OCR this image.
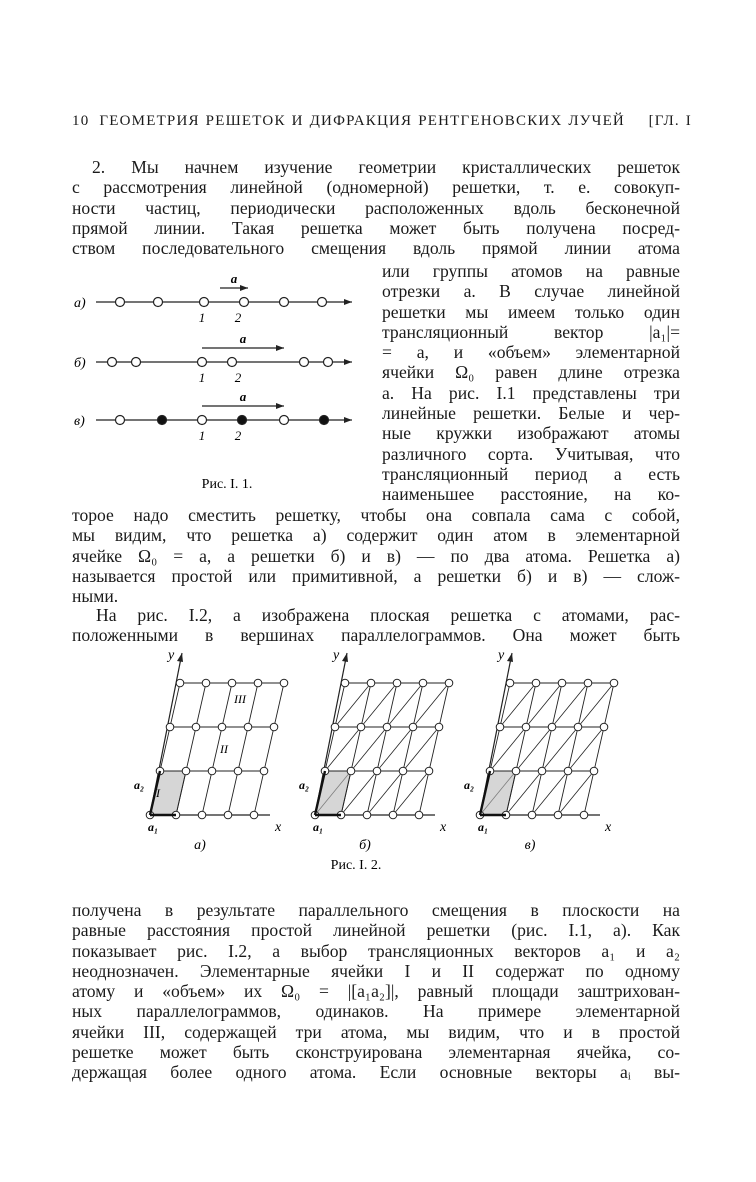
10 ГЕОМЕТРИЯ РЕШЕТОК И ДИФРАКЦИЯ РЕНТГЕНОВСКИХ ЛУЧЕЙ	[ГЛ. I
2. Мы начнем изучение геометрии кристаллических решеток
с рассмотрения линейной (одномерной) решетки, т. е. совокуп-
ности частиц, периодически расположенных вдоль бесконечной
прямой линии. Такая решетка может быть получена посред-
ством последовательного смещения вдоль прямой линии атома
или группы атомов на равные
отрезки a. В случае линейной
решетки мы имеем только один
трансляционный вектор |a₁|=
= a, и «объем» элементарной
ячейки Ω₀ равен длине отрезка
a. На рис. I.1 представлены три
линейные решетки. Белые и чер-
ные кружки изображают атомы
различного сорта. Учитывая, что
трансляционный период a есть
наименьшее расстояние, на ко-
а)
a
1 2
б)
a
1 2
в)
a
1 2
Рис. I. 1.
торое надо сместить решетку, чтобы она совпала сама с собой,
мы видим, что решетка а) содержит один атом в элементарной
ячейке Ω₀ = a, а решетки б) и в) — по два атома. Решетка а)
называется простой или примитивной, а решетки б) и в) — слож-
ными.
На рис. I.2, a изображена плоская решетка с атомами, рас-
положенными в вершинах параллелограммов. Она может быть
y
x
a₁
a₂
I
II
III
а)
y
x
a₁
a₂
б)
y
x
a₁
a₂
в)
Рис. I. 2.
получена в результате параллельного смещения в плоскости на
равные расстояния простой линейной решетки (рис. I.1, а). Как
показывает рис. I.2, a выбор трансляционных векторов a₁ и a₂
неоднозначен. Элементарные ячейки I и II содержат по одному
атому и «объем» их Ω₀ = |[a₁a₂]|, равный площади заштрихован-
ных параллелограммов, одинаков. На примере элементарной
ячейки III, содержащей три атома, мы видим, что и в простой
решетке может быть сконструирована элементарная ячейка, со-
держащая более одного атома. Если основные векторы aᵢ вы-
